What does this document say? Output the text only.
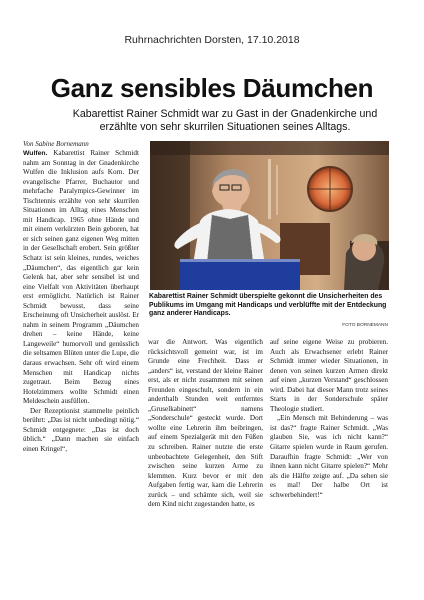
Ruhrnachrichten Dorsten, 17.10.2018
Ganz sensibles Däumchen
Kabarettist Rainer Schmidt war zu Gast in der Gnadenkirche und erzählte von sehr skurrilen Situationen seines Alltags.
Von Sabine Bornemann

Wulfen. Kabarettist Rainer Schmidt nahm am Sonntag in der Gnadenkirche Wulfen die Inklusion aufs Korn. Der evangelische Pfarrer, Buchautor und mehrfache Paralympics-Gewinner im Tischtennis erzählte von sehr skurrilen Situationen im Alltag eines Menschen mit Handicap. 1965 ohne Hände und mit einem verkürzten Bein geboren, hat er sich seinen ganz eigenen Weg mitten in der Gesellschaft erobert. Sein größter Schatz ist sein kleines, rundes, weiches „Däumchen“, das eigentlich gar kein Gelenk hat, aber sehr sensibel ist und eine Vielfalt von Aktivitäten überhaupt erst ermöglicht. Natürlich ist Rainer Schmidt bewusst, dass seine Erscheinung oft Unsicherheit auslöst. Er nahm in seinem Programm „Däumchen drehen – keine Hände, keine Langeweile“ humorvoll und genüsslich die seltsamen Blüten unter die Lupe, die daraus erwachsen. Sehr oft wird einem Menschen mit Handicap nichts zugetraut. Beim Bezug eines Hotelzimmers wollte Schmidt einen Meldeschein ausfüllen.

Der Rezeptionist stammelte peinlich berührt: „Das ist nicht unbedingt nötig.“ Schmidt entgegnete: „Das ist doch üblich.“ „Dann machen sie einfach einen Kringel“,

Kabarettist Rainer Schmidt überspielte gekonnt die Unsicherheiten des Publikums im Umgang mit Handicaps und verblüffte mit der Entdeckung ganz anderer Handicaps.
FOTO BORNEMANN

war die Antwort. Was eigentlich rücksichtsvoll gemeint war, ist im Grunde eine Frechheit. Dass er „anders“ ist, verstand der kleine Rainer erst, als er nicht zusammen mit seinen Freunden eingeschult, sondern in ein anderthalb Stunden weit entferntes „Gruselkabinett“ namens „Sonderschule“ gesteckt wurde. Dort wollte eine Lehrerin ihm beibringen, auf einem Spezialgerät mit den Füßen zu schreiben. Rainer nutzte die erste unbeobachtete Gelegenheit, den Stift zwischen seine kurzen Arme zu klemmen. Kurz bevor er mit den Aufgaben fertig war, kam die Lehrerin zurück – und schämte sich, weil sie dem Kind nicht zugestanden hatte, es

auf seine eigene Weise zu probieren. Auch als Erwachsener erlebt Rainer Schmidt immer wieder Situationen, in denen von seinen kurzen Armen direkt auf einen „kurzen Verstand“ geschlossen wird. Dabei hat dieser Mann trotz seines Starts in der Sonderschule später Theologie studiert.

„Ein Mensch mit Behinderung – was ist das?“ fragte Rainer Schmidt. „Was glauben Sie, was ich nicht kann?“ Gitarre spielen wurde in Raum gerufen. Daraufhin fragte Schmidt: „Wer von ihnen kann nicht Gitarre spielen?“ Mehr als die Hälfte zeigte auf. „Da sehen sie es mal! Der halbe Ort ist schwerbehindert!“
